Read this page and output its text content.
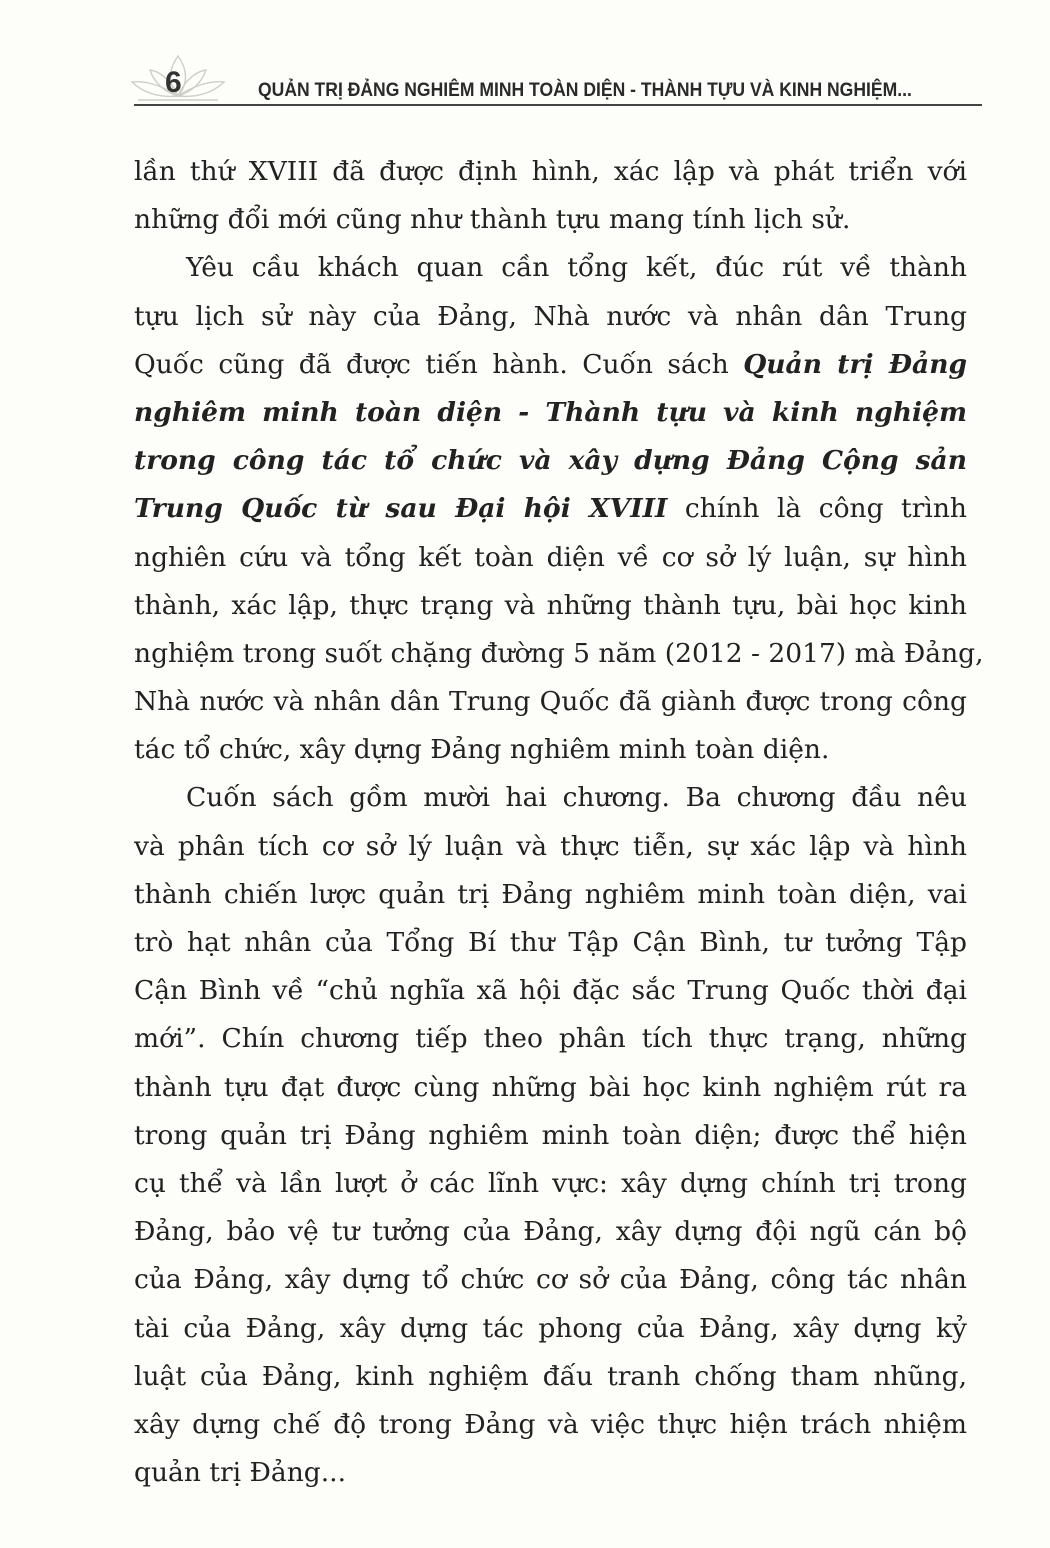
6	QUẢN TRỊ ĐẢNG NGHIÊM MINH TOÀN DIỆN - THÀNH TỰU VÀ KINH NGHIỆM...
lần thứ XVIII đã được định hình, xác lập và phát triển với
những đổi mới cũng như thành tựu mang tính lịch sử.
Yêu cầu khách quan cần tổng kết, đúc rút về thành
tựu lịch sử này của Đảng, Nhà nước và nhân dân Trung
Quốc cũng đã được tiến hành. Cuốn sách Quản trị Đảng
nghiêm minh toàn diện - Thành tựu và kinh nghiệm
trong công tác tổ chức và xây dựng Đảng Cộng sản
Trung Quốc từ sau Đại hội XVIII chính là công trình
nghiên cứu và tổng kết toàn diện về cơ sở lý luận, sự hình
thành, xác lập, thực trạng và những thành tựu, bài học kinh
nghiệm trong suốt chặng đường 5 năm (2012 - 2017) mà Đảng,
Nhà nước và nhân dân Trung Quốc đã giành được trong công
tác tổ chức, xây dựng Đảng nghiêm minh toàn diện.
Cuốn sách gồm mười hai chương. Ba chương đầu nêu
và phân tích cơ sở lý luận và thực tiễn, sự xác lập và hình
thành chiến lược quản trị Đảng nghiêm minh toàn diện, vai
trò hạt nhân của Tổng Bí thư Tập Cận Bình, tư tưởng Tập
Cận Bình về “chủ nghĩa xã hội đặc sắc Trung Quốc thời đại
mới”. Chín chương tiếp theo phân tích thực trạng, những
thành tựu đạt được cùng những bài học kinh nghiệm rút ra
trong quản trị Đảng nghiêm minh toàn diện; được thể hiện
cụ thể và lần lượt ở các lĩnh vực: xây dựng chính trị trong
Đảng, bảo vệ tư tưởng của Đảng, xây dựng đội ngũ cán bộ
của Đảng, xây dựng tổ chức cơ sở của Đảng, công tác nhân
tài của Đảng, xây dựng tác phong của Đảng, xây dựng kỷ
luật của Đảng, kinh nghiệm đấu tranh chống tham nhũng,
xây dựng chế độ trong Đảng và việc thực hiện trách nhiệm
quản trị Đảng...
